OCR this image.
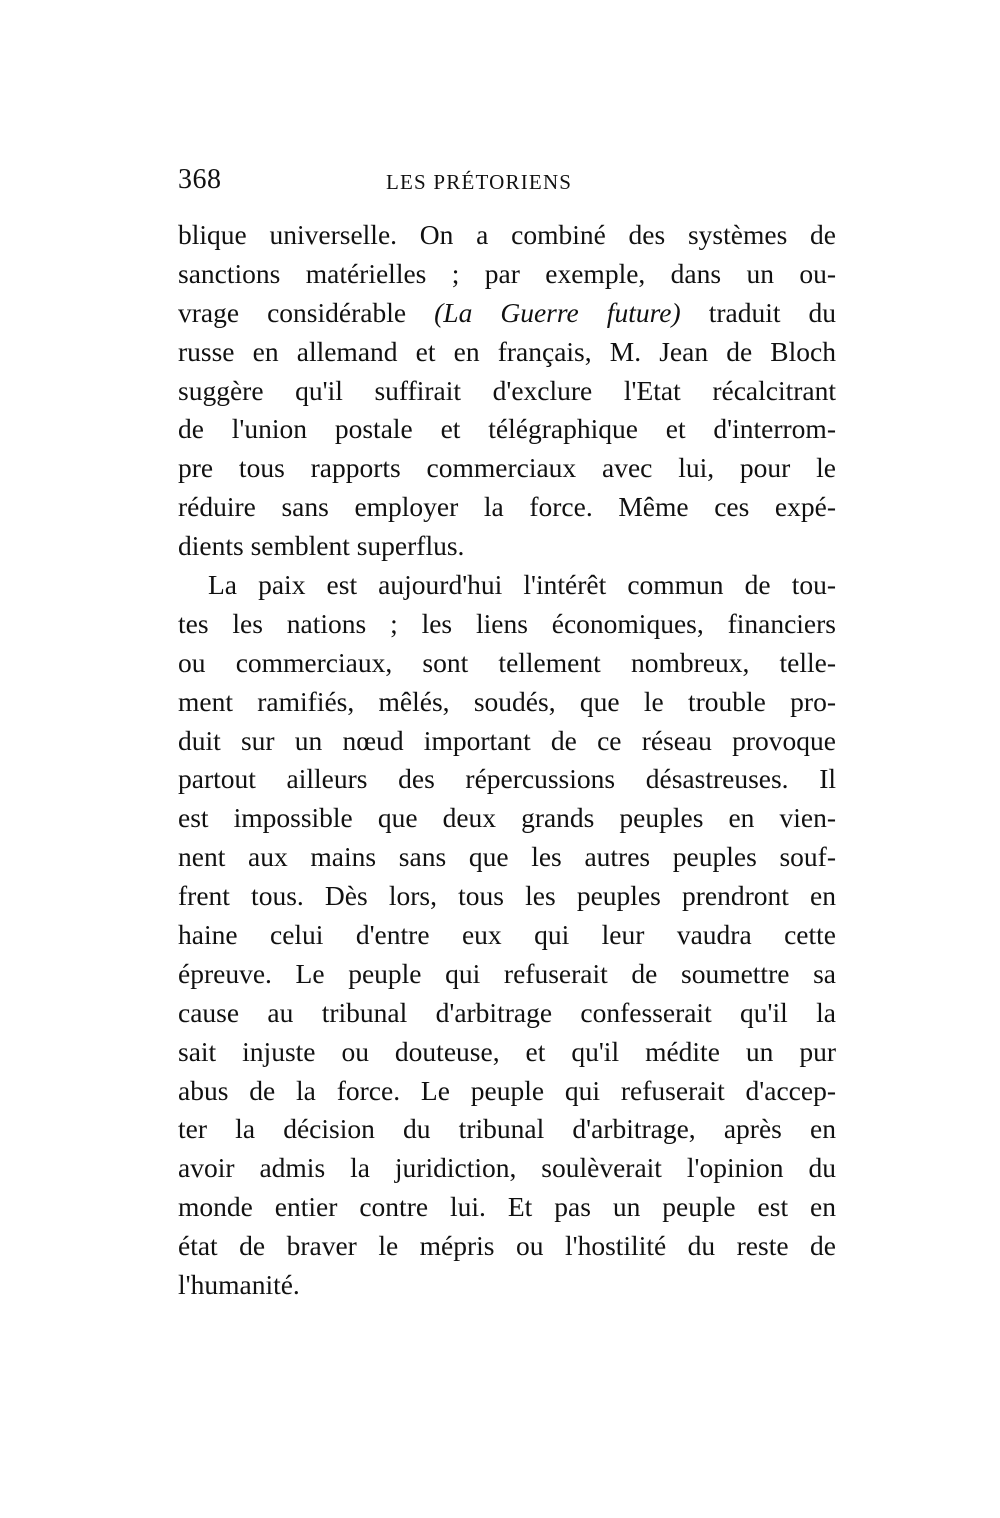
368	LES PRÉTORIENS
blique universelle. On a combiné des systèmes de
sanctions matérielles ; par exemple, dans un ou-
vrage considérable (La Guerre future) traduit du
russe en allemand et en français, M. Jean de Bloch
suggère qu'il suffirait d'exclure l'Etat récalcitrant
de l'union postale et télégraphique et d'interrom-
pre tous rapports commerciaux avec lui, pour le
réduire sans employer la force. Même ces expé-
dients semblent superflus.
La paix est aujourd'hui l'intérêt commun de tou-
tes les nations ; les liens économiques, financiers
ou commerciaux, sont tellement nombreux, telle-
ment ramifiés, mêlés, soudés, que le trouble pro-
duit sur un nœud important de ce réseau provoque
partout ailleurs des répercussions désastreuses. Il
est impossible que deux grands peuples en vien-
nent aux mains sans que les autres peuples souf-
frent tous. Dès lors, tous les peuples prendront en
haine celui d'entre eux qui leur vaudra cette
épreuve. Le peuple qui refuserait de soumettre sa
cause au tribunal d'arbitrage confesserait qu'il la
sait injuste ou douteuse, et qu'il médite un pur
abus de la force. Le peuple qui refuserait d'accep-
ter la décision du tribunal d'arbitrage, après en
avoir admis la juridiction, soulèverait l'opinion du
monde entier contre lui. Et pas un peuple est en
état de braver le mépris ou l'hostilité du reste de
l'humanité.
